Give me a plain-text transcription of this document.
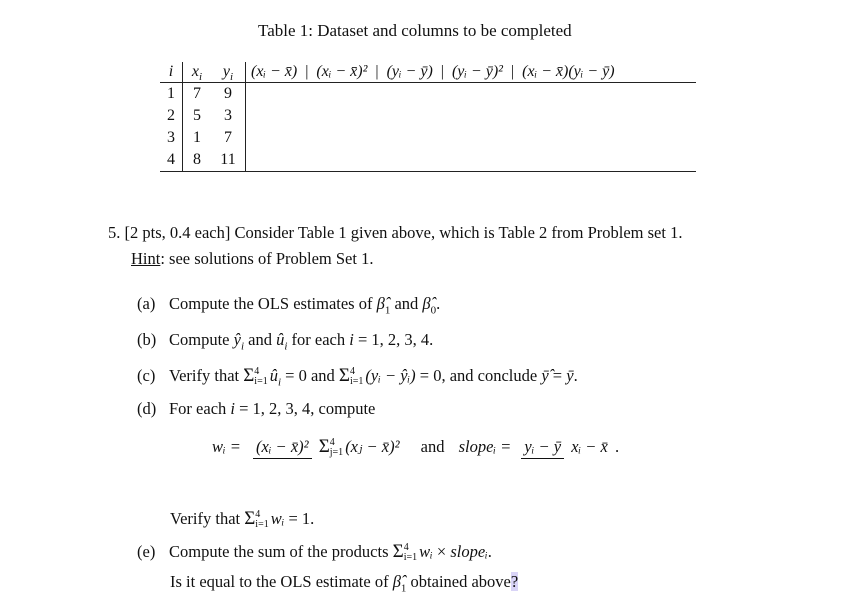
Table 1: Dataset and columns to be completed
i	$x_i$	$y_i$	(xᵢ − x̄) | (xᵢ − x̄)² | (yᵢ − ȳ) | (yᵢ − ȳ)² | (xᵢ − x̄)(yᵢ − ȳ)
1	7	9	
2	5	3	
3	1	7	
4	8	11	
5. [2 pts, 0.4 each] Consider Table 1 given above, which is Table 2 from Problem set 1.
Hint: see solutions of Problem Set 1.
(a) Compute the OLS estimates of $\betâ_1$ and $\betâ_0$.
(b) Compute $ŷ_i$ and $û_i$ for each i = 1, 2, 3, 4.
(c) Verify that Σ 4
i=1 $û_i = 0$ and Σ 4
i=1 (yᵢ − ŷᵢ) = 0, and conclude ȳ̂ = ȳ.
(d) For each i = 1, 2, 3, 4, compute
wᵢ = (xᵢ − x̄)² Σ 4
j=1 (xⱼ − x̄)² and slopeᵢ = yᵢ − ȳ xᵢ − x̄ .
Verify that Σ 4
i=1 wᵢ = 1.
(e) Compute the sum of the products Σ 4
i=1 wᵢ × slopeᵢ.
Is it equal to the OLS estimate of $\betâ_1$ obtained above?
